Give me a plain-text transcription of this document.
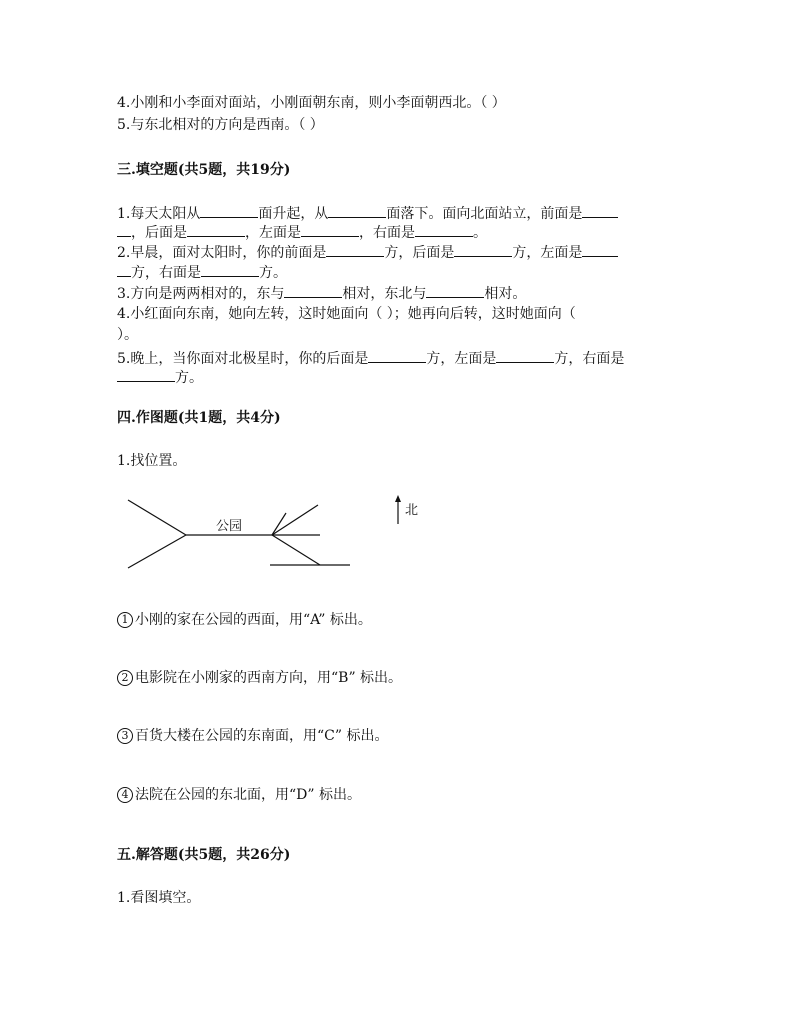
4.小刚和小李面对面站，小刚面朝东南，则小李面朝西北。（ ）
5.与东北相对的方向是西南。（ ）
三.填空题(共5题，共19分)
1.每天太阳从	面升起，从	面落下。面向北面站立，前面是
，后面是	，左面是	，右面是	。
2.早晨，面对太阳时，你的前面是	方，后面是	方，左面是
方，右面是	方。
3.方向是两两相对的，东与	相对，东北与	相对。
4.小红面向东南，她向左转，这时她面向（ ）；她再向后转，这时她面向（
）。
5.晚上，当你面对北极星时，你的后面是	方，左面是	方，右面是
方。
四.作图题(共1题，共4分)
1.找位置。
公园
北
1 小刚的家在公园的西面，用“A” 标出。
2 电影院在小刚家的西南方向，用“B” 标出。
3 百货大楼在公园的东南面，用“C” 标出。
4 法院在公园的东北面，用“D” 标出。
五.解答题(共5题，共26分)
1.看图填空。
